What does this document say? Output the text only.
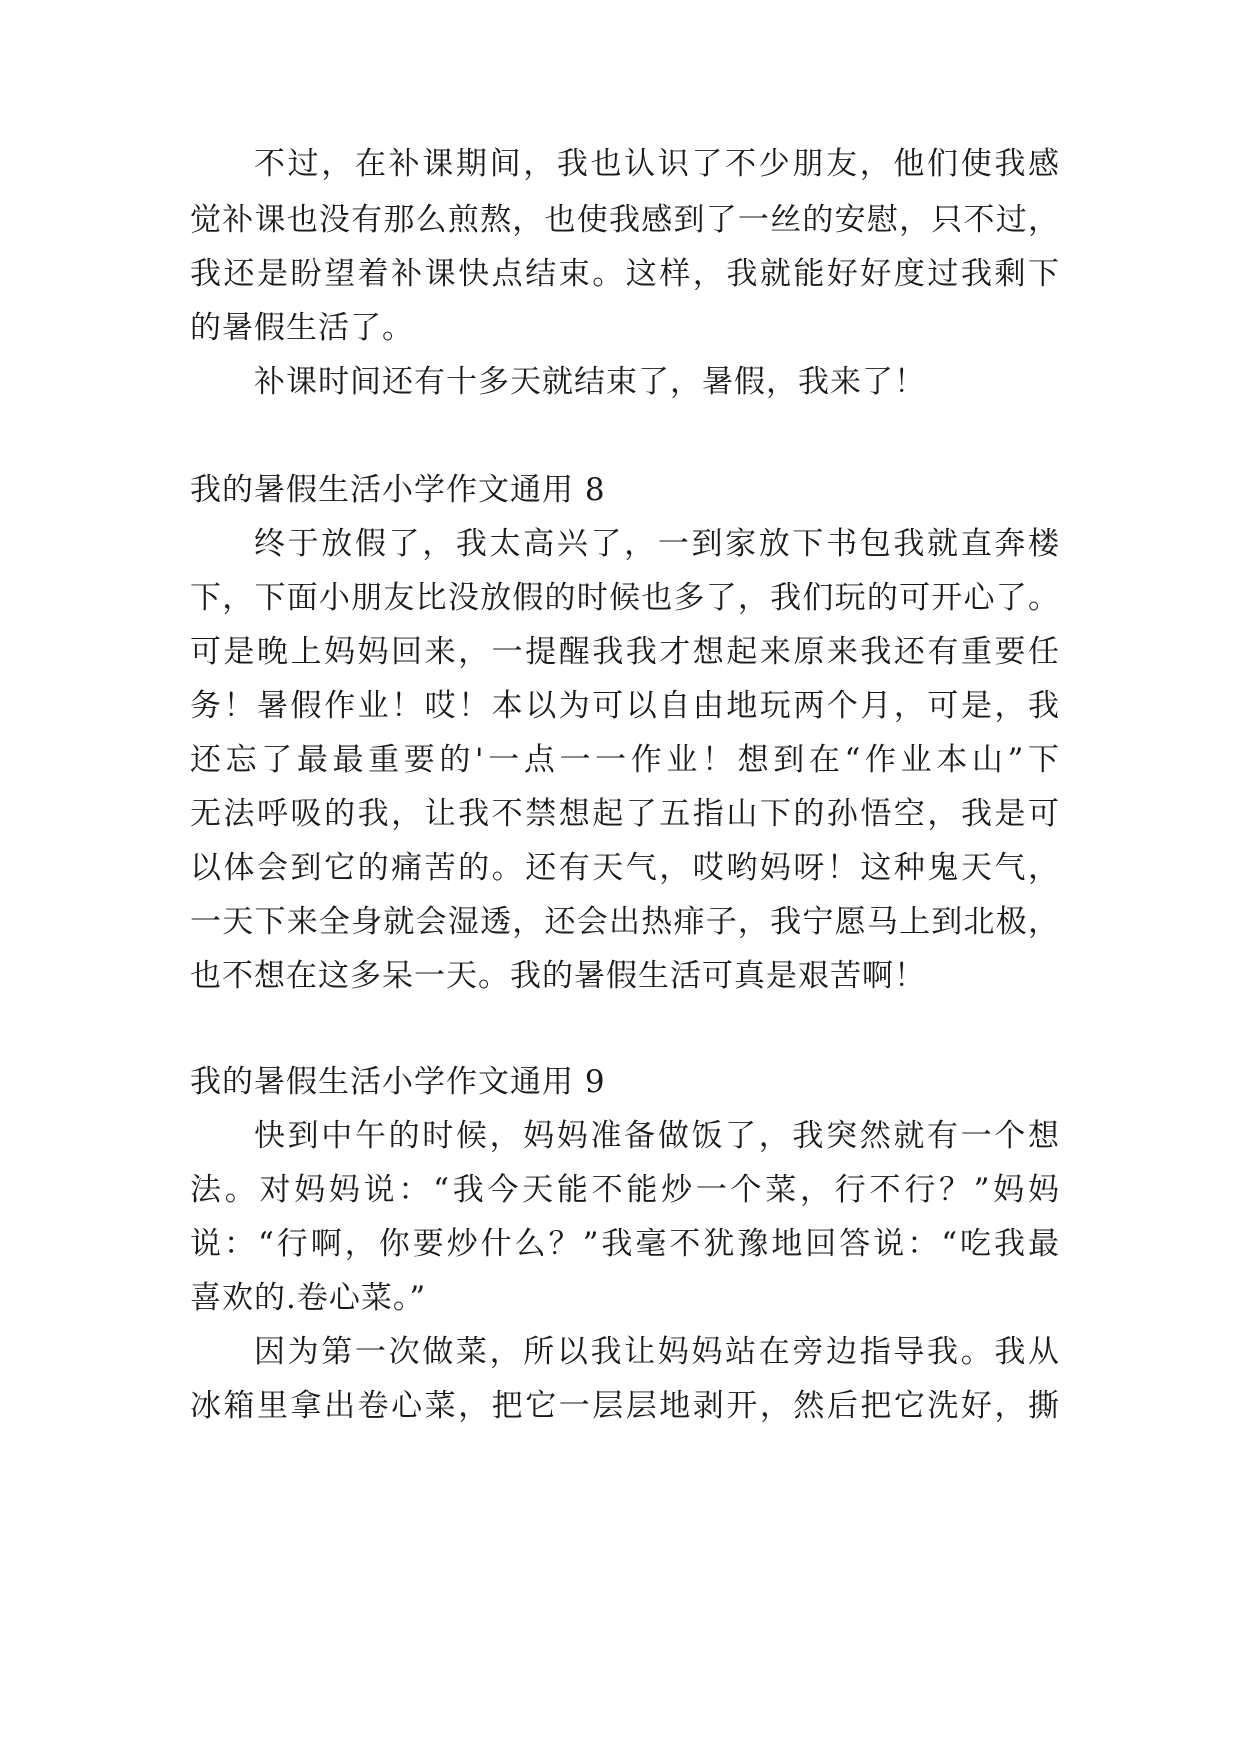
不过，在补课期间，我也认识了不少朋友，他们使我感
觉补课也没有那么煎熬，也使我感到了一丝的安慰，只不过，
我还是盼望着补课快点结束。这样，我就能好好度过我剩下
的暑假生活了。
补课时间还有十多天就结束了，暑假，我来了！
我的暑假生活小学作文通用 8
终于放假了，我太高兴了，一到家放下书包我就直奔楼
下，下面小朋友比没放假的时候也多了，我们玩的可开心了。
可是晚上妈妈回来，一提醒我我才想起来原来我还有重要任
务！暑假作业！哎！本以为可以自由地玩两个月，可是，我
还忘了最最重要的'一点一一作业！想到在“作业本山”下
无法呼吸的我，让我不禁想起了五指山下的孙悟空，我是可
以体会到它的痛苦的。还有天气，哎哟妈呀！这种鬼天气，
一天下来全身就会湿透，还会出热痱子，我宁愿马上到北极，
也不想在这多呆一天。我的暑假生活可真是艰苦啊！
我的暑假生活小学作文通用 9
快到中午的时候，妈妈准备做饭了，我突然就有一个想
法。对妈妈说：“我今天能不能炒一个菜，行不行？”妈妈
说：“行啊，你要炒什么？”我毫不犹豫地回答说：“吃我最
喜欢的.卷心菜。”
因为第一次做菜，所以我让妈妈站在旁边指导我。我从
冰箱里拿出卷心菜，把它一层层地剥开，然后把它洗好，撕
